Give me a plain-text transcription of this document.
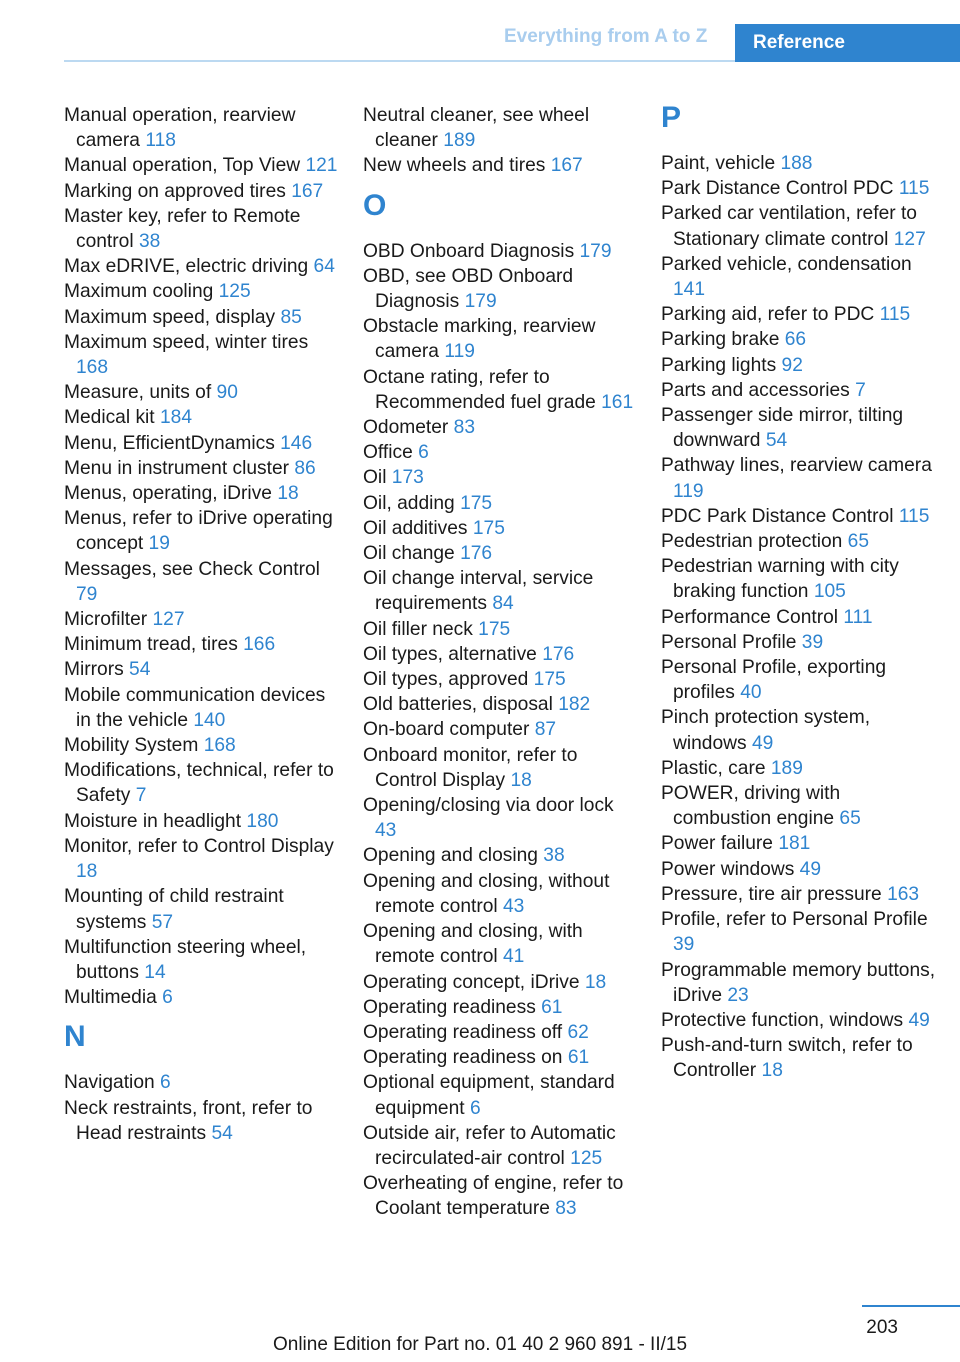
Everything from A to Z	Reference
Manual operation, rearview camera 118
Manual operation, Top View 121
Marking on approved tires 167
Master key, refer to Remote control 38
Max eDRIVE, electric driving 64
Maximum cooling 125
Maximum speed, display 85
Maximum speed, winter tires 168
Measure, units of 90
Medical kit 184
Menu, EfficientDynamics 146
Menu in instrument cluster 86
Menus, operating, iDrive 18
Menus, refer to iDrive operating concept 19
Messages, see Check Control 79
Microfilter 127
Minimum tread, tires 166
Mirrors 54
Mobile communication devices in the vehicle 140
Mobility System 168
Modifications, technical, refer to Safety 7
Moisture in headlight 180
Monitor, refer to Control Display 18
Mounting of child restraint systems 57
Multifunction steering wheel, buttons 14
Multimedia 6
N
Navigation 6
Neck restraints, front, refer to Head restraints 54
Neutral cleaner, see wheel cleaner 189
New wheels and tires 167
O
OBD Onboard Diagnosis 179
OBD, see OBD Onboard Diagnosis 179
Obstacle marking, rearview camera 119
Octane rating, refer to Recommended fuel grade 161
Odometer 83
Office 6
Oil 173
Oil, adding 175
Oil additives 175
Oil change 176
Oil change interval, service requirements 84
Oil filler neck 175
Oil types, alternative 176
Oil types, approved 175
Old batteries, disposal 182
On-board computer 87
Onboard monitor, refer to Control Display 18
Opening/closing via door lock 43
Opening and closing 38
Opening and closing, without remote control 43
Opening and closing, with remote control 41
Operating concept, iDrive 18
Operating readiness 61
Operating readiness off 62
Operating readiness on 61
Optional equipment, standard equipment 6
Outside air, refer to Automatic recirculated-air control 125
Overheating of engine, refer to Coolant temperature 83
P
Paint, vehicle 188
Park Distance Control PDC 115
Parked car ventilation, refer to Stationary climate control 127
Parked vehicle, condensation 141
Parking aid, refer to PDC 115
Parking brake 66
Parking lights 92
Parts and accessories 7
Passenger side mirror, tilting downward 54
Pathway lines, rearview camera 119
PDC Park Distance Control 115
Pedestrian protection 65
Pedestrian warning with city braking function 105
Performance Control 111
Personal Profile 39
Personal Profile, exporting profiles 40
Pinch protection system, windows 49
Plastic, care 189
POWER, driving with combustion engine 65
Power failure 181
Power windows 49
Pressure, tire air pressure 163
Profile, refer to Personal Profile 39
Programmable memory buttons, iDrive 23
Protective function, windows 49
Push-and-turn switch, refer to Controller 18
203
Online Edition for Part no. 01 40 2 960 891 - II/15
